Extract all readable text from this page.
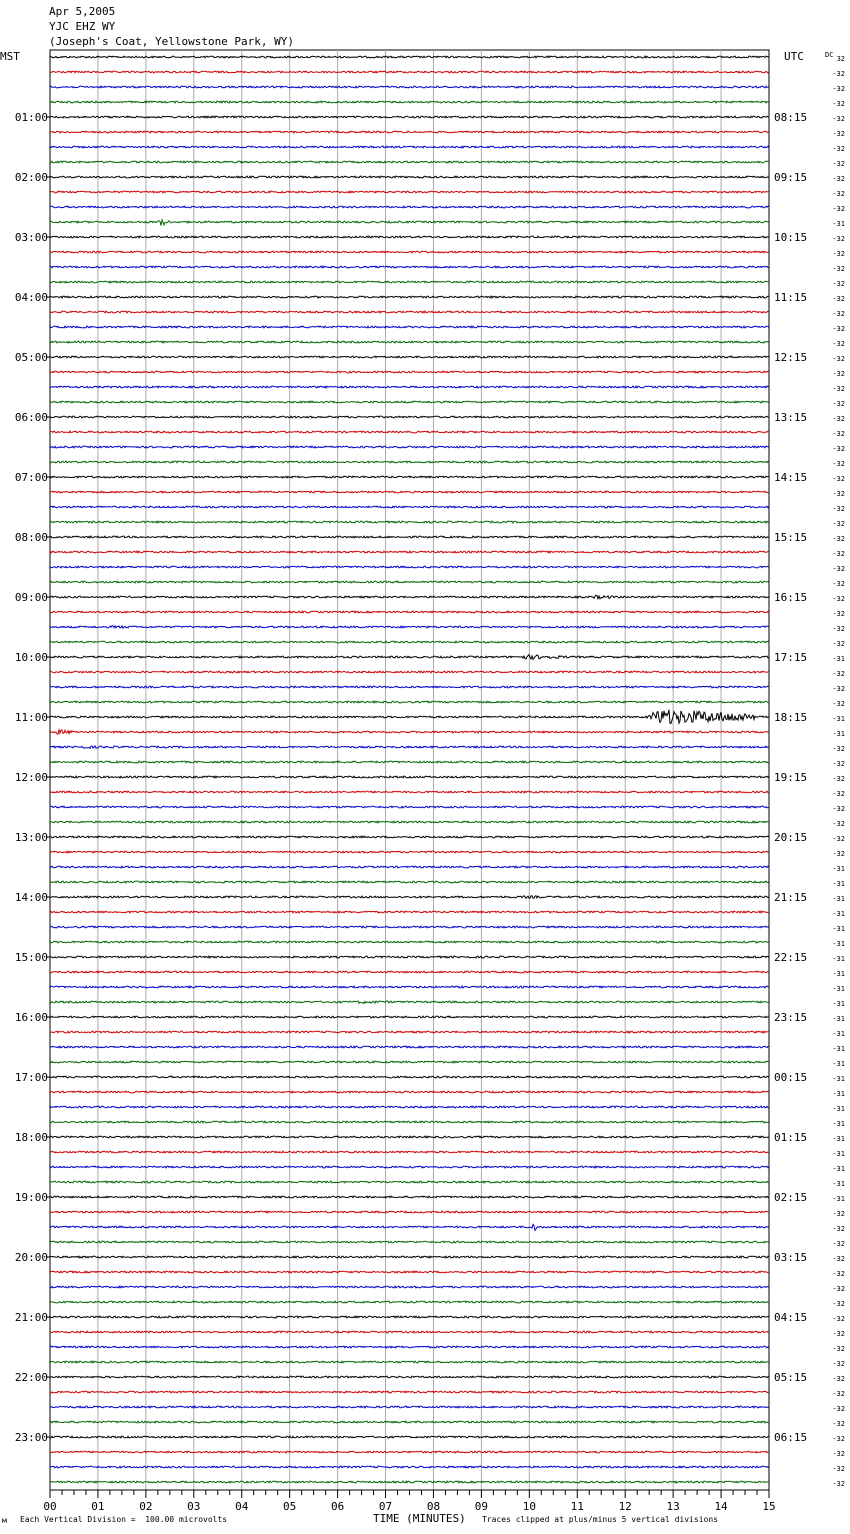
Apr 5,2005
YJC EHZ WY
(Joseph's Coat, Yellowstone Park, WY)
MST	UTC
01:00
02:00
03:00
04:00
05:00
06:00
07:00
08:00
09:00
10:00
11:00
12:00
13:00
14:00
15:00
16:00
17:00
18:00
19:00
20:00
21:00
22:00
23:00
08:15
09:15
10:15
11:15
12:15
13:15
14:15
15:15
16:15
17:15
18:15
19:15
20:15
21:15
22:15
23:15
00:15
01:15
02:15
03:15
04:15
05:15
06:15
DC 32
-32
-32
-32
-32
-32
-32
-32
-32
-32
-32
-31
-32
-32
-32
-32
-32
-32
-32
-32
-32
-32
-32
-32
-32
-32
-32
-32
-32
-32
-32
-32
-32
-32
-32
-32
-32
-32
-32
-32
-31
-32
-32
-32
-31
-31
-32
-32
-32
-32
-32
-32
-32
-32
-31
-31
-31
-31
-31
-31
-31
-31
-31
-31
-31
-31
-31
-31
-31
-31
-31
-31
-31
-31
-31
-31
-31
-32
-32
-32
-32
-32
-32
-32
-32
-32
-32
-32
-32
-32
-32
-32
-32
-32
-32
-32
00	01	02	03	04	05	06	07	08	09	10	11	12	13	14	15
м Each Vertical Division =  100.00 microvolts	TIME (MINUTES) Traces clipped at plus/minus 5 vertical divisions
